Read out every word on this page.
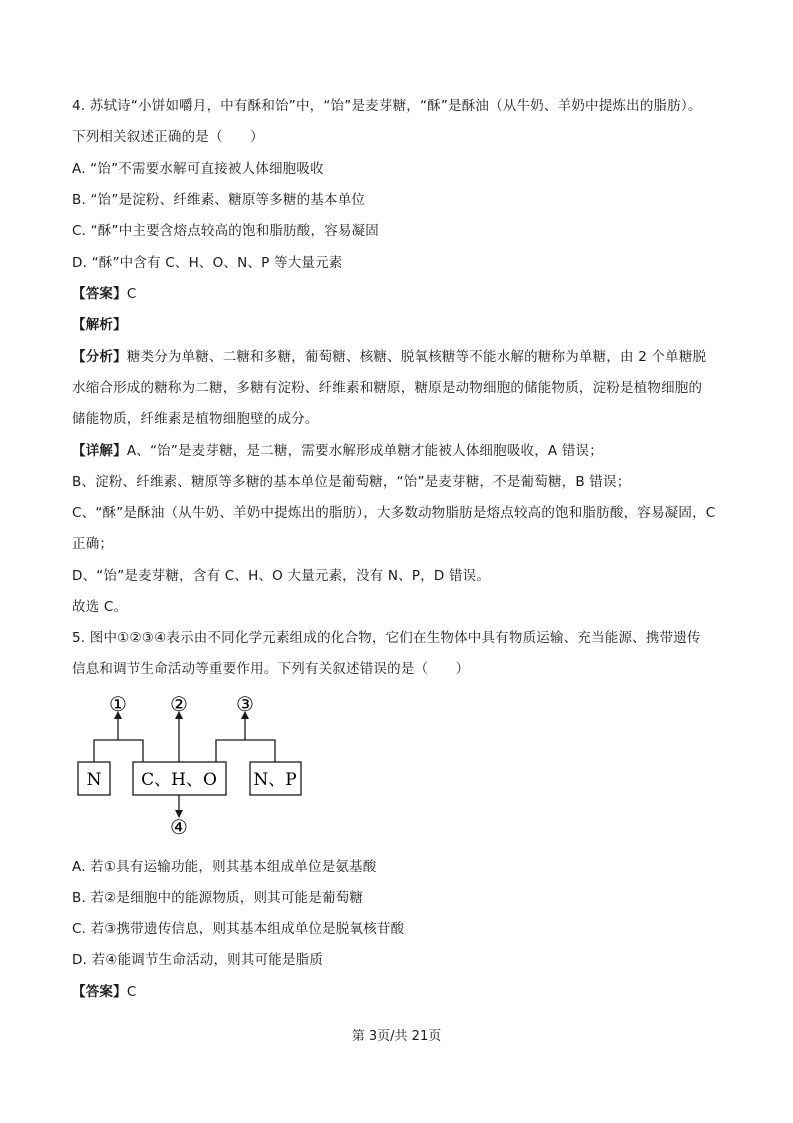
4. 苏轼诗“小饼如嚼月，中有酥和饴”中，“饴”是麦芽糖，“酥”是酥油（从牛奶、羊奶中提炼出的脂肪）。
下列相关叙述正确的是（　　）
A. “饴”不需要水解可直接被人体细胞吸收
B. “饴”是淀粉、纤维素、糖原等多糖的基本单位
C. “酥”中主要含熔点较高的饱和脂肪酸，容易凝固
D. “酥”中含有 C、H、O、N、P 等大量元素
【答案】C
【解析】
【分析】糖类分为单糖、二糖和多糖，葡萄糖、核糖、脱氧核糖等不能水解的糖称为单糖，由 2 个单糖脱
水缩合形成的糖称为二糖，多糖有淀粉、纤维素和糖原，糖原是动物细胞的储能物质，淀粉是植物细胞的
储能物质，纤维素是植物细胞壁的成分。
【详解】A、“饴”是麦芽糖，是二糖，需要水解形成单糖才能被人体细胞吸收，A 错误；
B、淀粉、纤维素、糖原等多糖的基本单位是葡萄糖，“饴”是麦芽糖，不是葡萄糖，B 错误；
C、“酥”是酥油（从牛奶、羊奶中提炼出的脂肪），大多数动物脂肪是熔点较高的饱和脂肪酸，容易凝固，C
正确；
D、“饴”是麦芽糖，含有 C、H、O 大量元素，没有 N、P，D 错误。
故选 C。
5. 图中①②③④表示由不同化学元素组成的化合物，它们在生物体中具有物质运输、充当能源、携带遗传
信息和调节生命活动等重要作用。下列有关叙述错误的是（　　）
N C、H、O N、P
① ② ③
④
A. 若①具有运输功能，则其基本组成单位是氨基酸
B. 若②是细胞中的能源物质，则其可能是葡萄糖
C. 若③携带遗传信息，则其基本组成单位是脱氧核苷酸
D. 若④能调节生命活动，则其可能是脂质
【答案】C
第 3页/共 21页
